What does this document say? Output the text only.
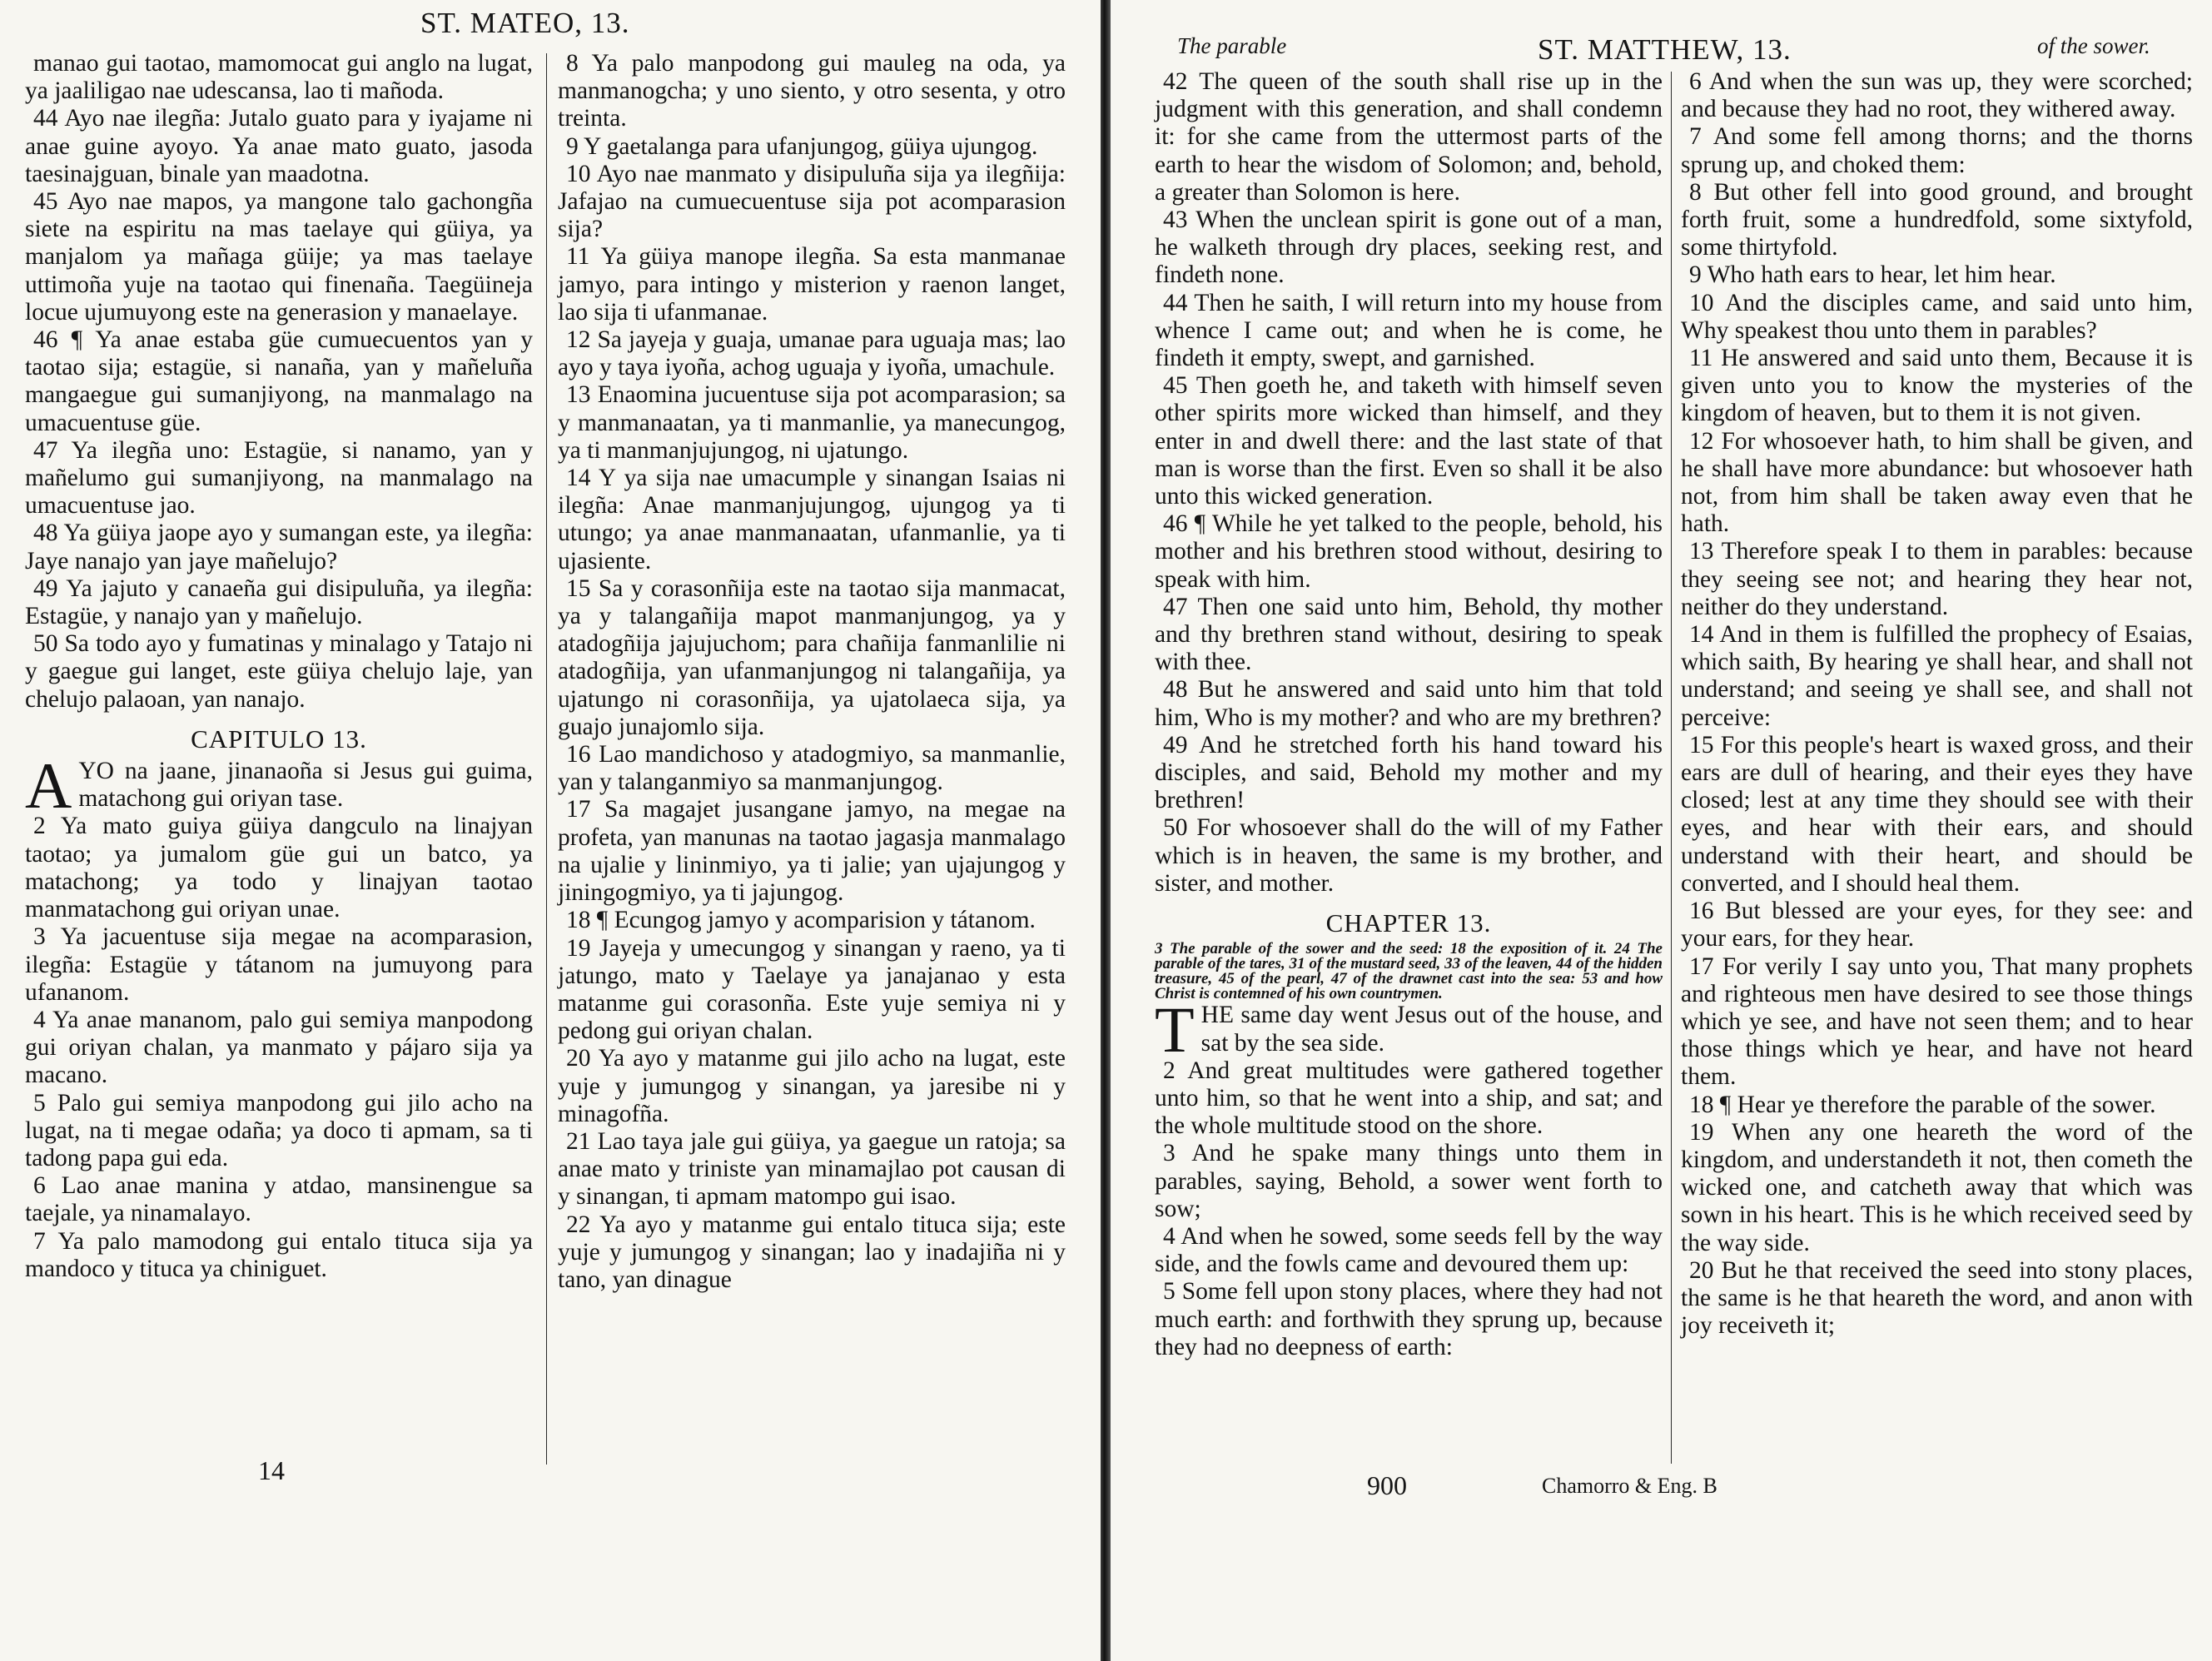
ST. MATEO, 13.

manao gui taotao, mamomocat gui anglo na lugat, ya jaaliligao nae udescansa, lao ti mañoda.

44 Ayo nae ilegña: Jutalo guato para y iyajame ni anae guine ayoyo. Ya anae mato guato, jasoda taesinajguan, binale yan maadotna.

45 Ayo nae mapos, ya mangone talo gachongña siete na espiritu na mas taelaye qui güiya, ya manjalom ya mañaga güije; ya mas taelaye uttimoña yuje na taotao qui finenaña. Taegüineja locue ujumuyong este na generasion y manaelaye.

46 ¶ Ya anae estaba güe cumuecuentos yan y taotao sija; estagüe, si nanaña, yan y mañeluña mangaegue gui sumanjiyong, na manmalago na umacuentuse güe.

47 Ya ilegña uno: Estagüe, si nanamo, yan y mañelumo gui sumanjiyong, na manmalago na umacuentuse jao.

48 Ya güiya jaope ayo y sumangan este, ya ilegña: Jaye nanajo yan jaye mañelujo?

49 Ya jajuto y canaeña gui disipuluña, ya ilegña: Estagüe, y nanajo yan y mañelujo.

50 Sa todo ayo y fumatinas y minalago y Tatajo ni y gaegue gui langet, este güiya chelujo laje, yan chelujo palaoan, yan nanajo.

CAPITULO 13.

AYO na jaane, jinanaoña si Jesus gui guima, matachong gui oriyan tase.

2 Ya mato guiya güiya dangculo na linajyan taotao; ya jumalom güe gui un batco, ya matachong; ya todo y linajyan taotao manmatachong gui oriyan unae.

3 Ya jacuentuse sija megae na acomparasion, ilegña: Estagüe y tátanom na jumuyong para ufananom.

4 Ya anae mananom, palo gui semiya manpodong gui oriyan chalan, ya manmato y pájaro sija ya macano.

5 Palo gui semiya manpodong gui jilo acho na lugat, na ti megae odaña; ya doco ti apmam, sa ti tadong papa gui eda.

6 Lao anae manina y atdao, mansinengue sa taejale, ya ninamalayo.

7 Ya palo mamodong gui entalo tituca sija ya mandoco y tituca ya chiniguet.

8 Ya palo manpodong gui mauleg na oda, ya manmanogcha; y uno siento, y otro sesenta, y otro treinta.

9 Y gaetalanga para ufanjungog, güiya ujungog.

10 Ayo nae manmato y disipuluña sija ya ilegñija: Jafajao na cumuecuentuse sija pot acomparasion sija?

11 Ya güiya manope ilegña. Sa esta manmanae jamyo, para intingo y misterion y raenon langet, lao sija ti ufanmanae.

12 Sa jayeja y guaja, umanae para uguaja mas; lao ayo y taya iyoña, achog uguaja y iyoña, umachule.

13 Enaomina jucuentuse sija pot acomparasion; sa y manmanaatan, ya ti manmanlie, ya manecungog, ya ti manmanjujungog, ni ujatungo.

14 Y ya sija nae umacumple y sinangan Isaias ni ilegña: Anae manmanjujungog, ujungog ya ti utungo; ya anae manmanaatan, ufanmanlie, ya ti ujasiente.

15 Sa y corasonñija este na taotao sija manmacat, ya y talangañija mapot manmanjungog, ya y atadogñija jajujuchom; para chañija fanmanlilie ni atadogñija, yan ufanmanjungog ni talangañija, ya ujatungo ni corasonñija, ya ujatolaeca sija, ya guajo junajomlo sija.

16 Lao mandichoso y atadogmiyo, sa manmanlie, yan y talanganmiyo sa manmanjungog.

17 Sa magajet jusangane jamyo, na megae na profeta, yan manunas na taotao jagasja manmalago na ujalie y lininmiyo, ya ti jalie; yan ujajungog y jiningogmiyo, ya ti jajungog.

18 ¶ Ecungog jamyo y acomparision y tátanom.

19 Jayeja y umecungog y sinangan y raeno, ya ti jatungo, mato y Taelaye ya janajanao y esta matanme gui corasonña. Este yuje semiya ni y pedong gui oriyan chalan.

20 Ya ayo y matanme gui jilo acho na lugat, este yuje y jumungog y sinangan, ya jaresibe ni y minagofña.

21 Lao taya jale gui güiya, ya gaegue un ratoja; sa anae mato y triniste yan minamajlao pot causan di y sinangan, ti apmam matompo gui isao.

22 Ya ayo y matanme gui entalo tituca sija; este yuje y jumungog y sinangan; lao y inadajiña ni y tano, yan dinague

14
The parable	ST. MATTHEW, 13.	of the sower.

42 The queen of the south shall rise up in the judgment with this generation, and shall condemn it: for she came from the uttermost parts of the earth to hear the wisdom of Solomon; and, behold, a greater than Solomon is here.

43 When the unclean spirit is gone out of a man, he walketh through dry places, seeking rest, and findeth none.

44 Then he saith, I will return into my house from whence I came out; and when he is come, he findeth it empty, swept, and garnished.

45 Then goeth he, and taketh with himself seven other spirits more wicked than himself, and they enter in and dwell there: and the last state of that man is worse than the first. Even so shall it be also unto this wicked generation.

46 ¶ While he yet talked to the people, behold, his mother and his brethren stood without, desiring to speak with him.

47 Then one said unto him, Behold, thy mother and thy brethren stand without, desiring to speak with thee.

48 But he answered and said unto him that told him, Who is my mother? and who are my brethren?

49 And he stretched forth his hand toward his disciples, and said, Behold my mother and my brethren!

50 For whosoever shall do the will of my Father which is in heaven, the same is my brother, and sister, and mother.

CHAPTER 13.

3 The parable of the sower and the seed: 18 the exposition of it. 24 The parable of the tares, 31 of the mustard seed, 33 of the leaven, 44 of the hidden treasure, 45 of the pearl, 47 of the drawnet cast into the sea: 53 and how Christ is contemned of his own countrymen.

THE same day went Jesus out of the house, and sat by the sea side.

2 And great multitudes were gathered together unto him, so that he went into a ship, and sat; and the whole multitude stood on the shore.

3 And he spake many things unto them in parables, saying, Behold, a sower went forth to sow;

4 And when he sowed, some seeds fell by the way side, and the fowls came and devoured them up:

5 Some fell upon stony places, where they had not much earth: and forthwith they sprung up, because they had no deepness of earth:

6 And when the sun was up, they were scorched; and because they had no root, they withered away.

7 And some fell among thorns; and the thorns sprung up, and choked them:

8 But other fell into good ground, and brought forth fruit, some a hundredfold, some sixtyfold, some thirtyfold.

9 Who hath ears to hear, let him hear.

10 And the disciples came, and said unto him, Why speakest thou unto them in parables?

11 He answered and said unto them, Because it is given unto you to know the mysteries of the kingdom of heaven, but to them it is not given.

12 For whosoever hath, to him shall be given, and he shall have more abundance: but whosoever hath not, from him shall be taken away even that he hath.

13 Therefore speak I to them in parables: because they seeing see not; and hearing they hear not, neither do they understand.

14 And in them is fulfilled the prophecy of Esaias, which saith, By hearing ye shall hear, and shall not understand; and seeing ye shall see, and shall not perceive:

15 For this people's heart is waxed gross, and their ears are dull of hearing, and their eyes they have closed; lest at any time they should see with their eyes, and hear with their ears, and should understand with their heart, and should be converted, and I should heal them.

16 But blessed are your eyes, for they see: and your ears, for they hear.

17 For verily I say unto you, That many prophets and righteous men have desired to see those things which ye see, and have not seen them; and to hear those things which ye hear, and have not heard them.

18 ¶ Hear ye therefore the parable of the sower.

19 When any one heareth the word of the kingdom, and understandeth it not, then cometh the wicked one, and catcheth away that which was sown in his heart. This is he which received seed by the way side.

20 But he that received the seed into stony places, the same is he that heareth the word, and anon with joy receiveth it;

900	Chamorro & Eng. B
